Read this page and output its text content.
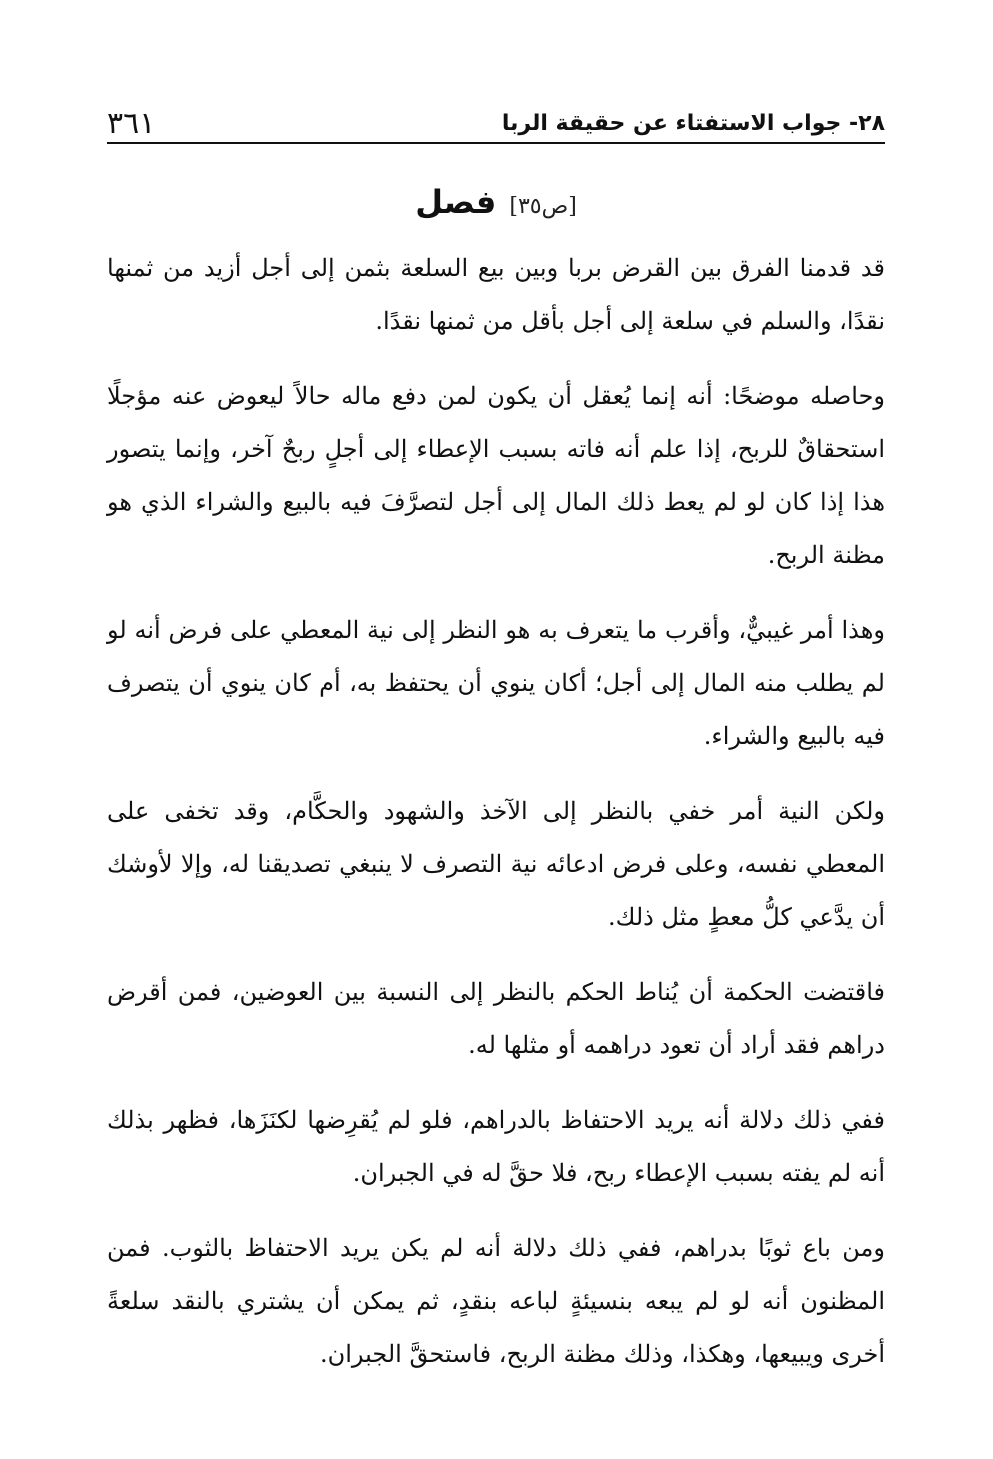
٢٨- جواب الاستفتاء عن حقيقة الربا
٣٦١
[ص٣٥] فصل

قد قدمنا الفرق بين القرض بربا وبين بيع السلعة بثمن إلى أجل أزيد من ثمنها نقدًا، والسلم في سلعة إلى أجل بأقل من ثمنها نقدًا.

وحاصله موضحًا: أنه إنما يُعقل أن يكون لمن دفع ماله حالاً ليعوض عنه مؤجلًا استحقاقٌ للربح، إذا علم أنه فاته بسبب الإعطاء إلى أجلٍ ربحٌ آخر، وإنما يتصور هذا إذا كان لو لم يعط ذلك المال إلى أجل لتصرَّفَ فيه بالبيع والشراء الذي هو مظنة الربح.

وهذا أمر غيبيٌّ، وأقرب ما يتعرف به هو النظر إلى نية المعطي على فرض أنه لو لم يطلب منه المال إلى أجل؛ أكان ينوي أن يحتفظ به، أم كان ينوي أن يتصرف فيه بالبيع والشراء.

ولكن النية أمر خفي بالنظر إلى الآخذ والشهود والحكَّام، وقد تخفى على المعطي نفسه، وعلى فرض ادعائه نية التصرف لا ينبغي تصديقنا له، وإلا لأوشك أن يدَّعي كلُّ معطٍ مثل ذلك.

فاقتضت الحكمة أن يُناط الحكم بالنظر إلى النسبة بين العوضين، فمن أقرض دراهم فقد أراد أن تعود دراهمه أو مثلها له.

ففي ذلك دلالة أنه يريد الاحتفاظ بالدراهم، فلو لم يُقرِضها لكنَزَها، فظهر بذلك أنه لم يفته بسبب الإعطاء ربح، فلا حقَّ له في الجبران.

ومن باع ثوبًا بدراهم، ففي ذلك دلالة أنه لم يكن يريد الاحتفاظ بالثوب. فمن المظنون أنه لو لم يبعه بنسيئةٍ لباعه بنقدٍ، ثم يمكن أن يشتري بالنقد سلعةً أخرى ويبيعها، وهكذا، وذلك مظنة الربح، فاستحقَّ الجبران.
